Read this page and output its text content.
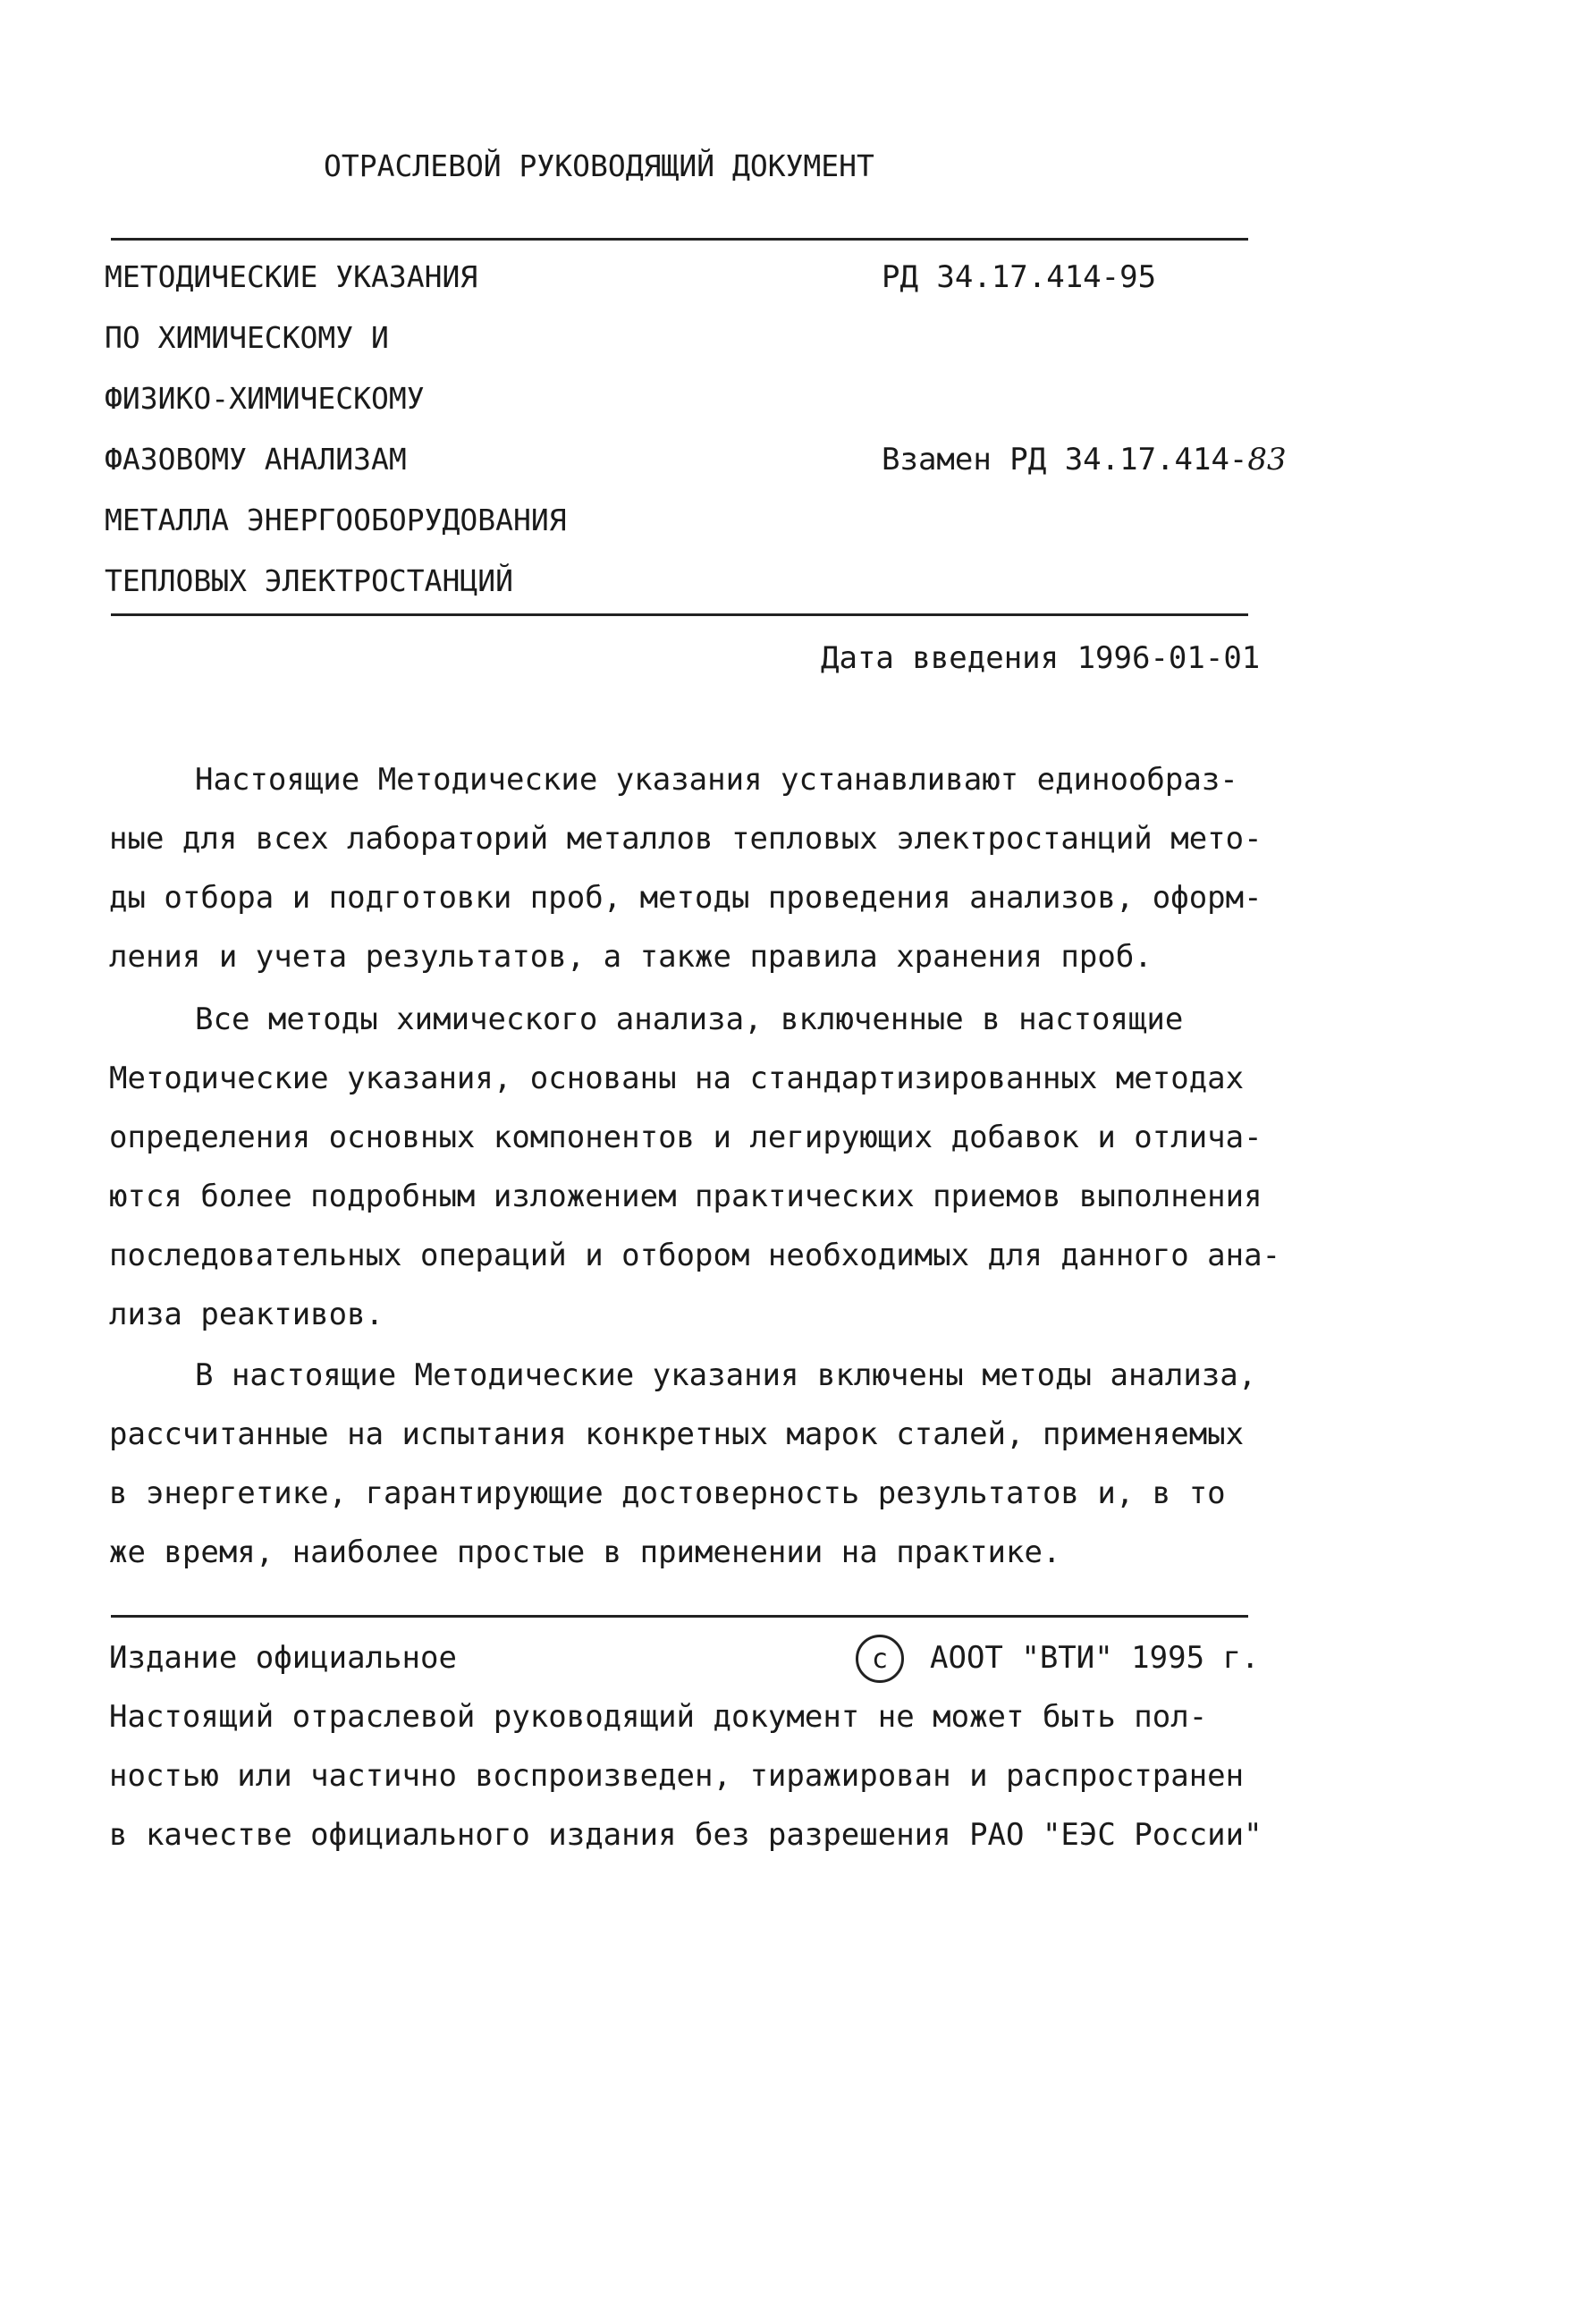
ОТРАСЛЕВОЙ РУКОВОДЯЩИЙ ДОКУМЕНТ
МЕТОДИЧЕСКИЕ УКАЗАНИЯ
ПО ХИМИЧЕСКОМУ И
ФИЗИКО-ХИМИЧЕСКОМУ
ФАЗОВОМУ АНАЛИЗАМ
МЕТАЛЛА ЭНЕРГООБОРУДОВАНИЯ
ТЕПЛОВЫХ ЭЛЕКТРОСТАНЦИЙ
РД 34.17.414-95
Взамен РД 34.17.414-83
Дата введения 1996-01-01
Настоящие Методические указания устанавливают единообраз-
ные для всех лабораторий металлов тепловых электростанций мето-
ды отбора и подготовки проб, методы проведения анализов, оформ-
ления и учета результатов, а также правила хранения проб.
Все методы химического анализа, включенные в настоящие
Методические указания, основаны на стандартизированных методах
определения основных компонентов и легирующих добавок и отлича-
ются более подробным изложением практических приемов выполнения
последовательных операций и отбором необходимых для данного ана-
лиза реактивов.
В настоящие Методические указания включены методы анализа,
рассчитанные на испытания конкретных марок сталей, применяемых
в энергетике, гарантирующие достоверность результатов и, в то
же время, наиболее простые в применении на практике.
Издание официальное	с	АООТ "ВТИ" 1995 г.
Настоящий отраслевой руководящий документ не может быть пол-
ностью или частично воспроизведен, тиражирован и распространен
в качестве официального издания без разрешения РАО "ЕЭС России"
